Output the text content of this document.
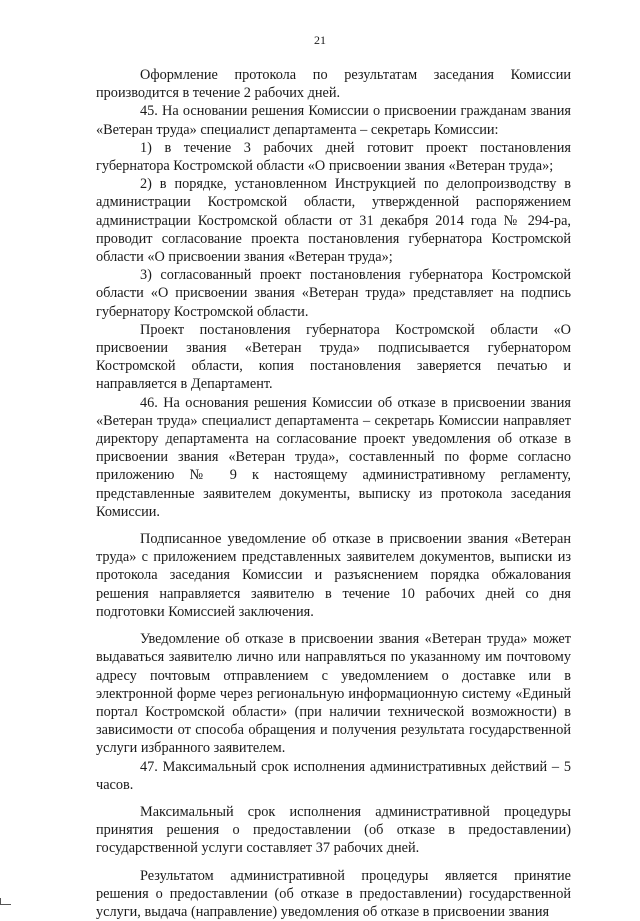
21

Оформление протокола по результатам заседания Комиссии производится в течение 2 рабочих дней.

45. На основании решения Комиссии о присвоении гражданам звания «Ветеран труда» специалист департамента – секретарь Комиссии:

1) в течение 3 рабочих дней готовит проект постановления губернатора Костромской области «О присвоении звания «Ветеран труда»;

2) в порядке, установленном Инструкцией по делопроизводству в администрации Костромской области, утвержденной распоряжением администрации Костромской области от 31 декабря 2014 года № 294-ра, проводит согласование проекта постановления губернатора Костромской области «О присвоении звания «Ветеран труда»;

3) согласованный проект постановления губернатора Костромской области «О присвоении звания «Ветеран труда» представляет на подпись губернатору Костромской области.

Проект постановления губернатора Костромской области «О присвоении звания «Ветеран труда» подписывается губернатором Костромской области, копия постановления заверяется печатью и направляется в Департамент.

46. На основания решения Комиссии об отказе в присвоении звания «Ветеран труда» специалист департамента – секретарь Комиссии направляет директору департамента на согласование проект уведомления об отказе в присвоении звания «Ветеран труда», составленный по форме согласно приложению № 9 к настоящему административному регламенту, представленные заявителем документы, выписку из протокола заседания Комиссии.

Подписанное уведомление об отказе в присвоении звания «Ветеран труда» с приложением представленных заявителем документов, выписки из протокола заседания Комиссии и разъяснением порядка обжалования решения направляется заявителю в течение 10 рабочих дней со дня подготовки Комиссией заключения.

Уведомление об отказе в присвоении звания «Ветеран труда» может выдаваться заявителю лично или направляться по указанному им почтовому адресу почтовым отправлением с уведомлением о доставке или в электронной форме через региональную информационную систему «Единый портал Костромской области» (при наличии технической возможности) в зависимости от способа обращения и получения результата государственной услуги избранного заявителем.

47. Максимальный срок исполнения административных действий – 5 часов.

Максимальный срок исполнения административной процедуры принятия решения о предоставлении (об отказе в предоставлении) государственной услуги составляет 37 рабочих дней.

Результатом административной процедуры является принятие решения о предоставлении (об отказе в предоставлении) государственной услуги, выдача (направление) уведомления об отказе в присвоении звания
